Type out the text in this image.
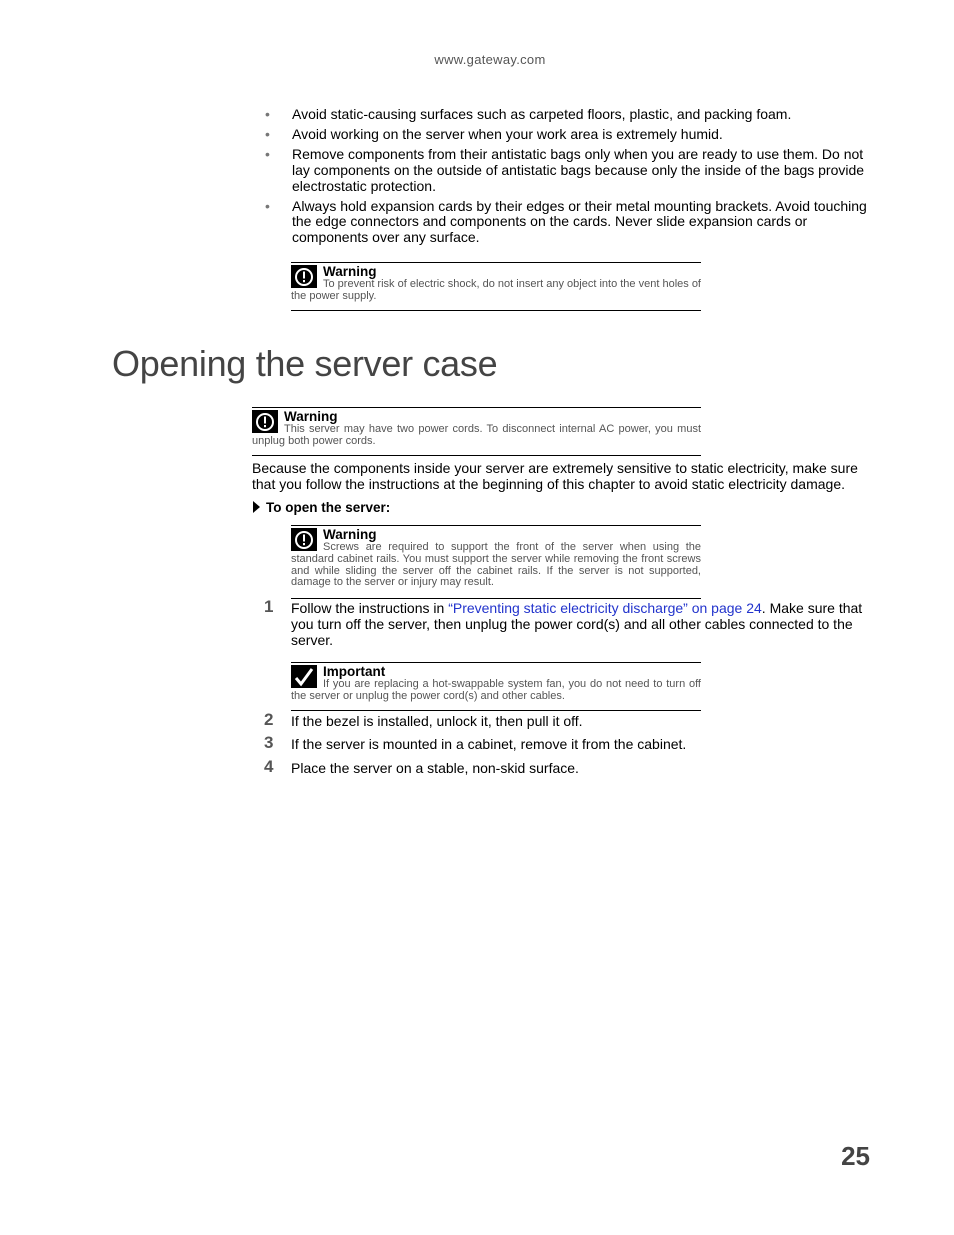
www.gateway.com
• Avoid static-causing surfaces such as carpeted floors, plastic, and packing foam.
• Avoid working on the server when your work area is extremely humid.
• Remove components from their antistatic bags only when you are ready to use them. Do not lay components on the outside of antistatic bags because only the inside of the bags provide electrostatic protection.
• Always hold expansion cards by their edges or their metal mounting brackets. Avoid touching the edge connectors and components on the cards. Never slide expansion cards or components over any surface.
Warning
To prevent risk of electric shock, do not insert any object into the vent holes of the power supply.
Opening the server case
Warning
This server may have two power cords. To disconnect internal AC power, you must unplug both power cords.
Because the components inside your server are extremely sensitive to static electricity, make sure that you follow the instructions at the beginning of this chapter to avoid static electricity damage.
To open the server:
Warning
Screws are required to support the front of the server when using the standard cabinet rails. You must support the server while removing the front screws and while sliding the server off the cabinet rails. If the server is not supported, damage to the server or injury may result.
1 Follow the instructions in “Preventing static electricity discharge” on page 24. Make sure that you turn off the server, then unplug the power cord(s) and all other cables connected to the server.
Important
If you are replacing a hot-swappable system fan, you do not need to turn off the server or unplug the power cord(s) and other cables.
2 If the bezel is installed, unlock it, then pull it off.
3 If the server is mounted in a cabinet, remove it from the cabinet.
4 Place the server on a stable, non-skid surface.
25
